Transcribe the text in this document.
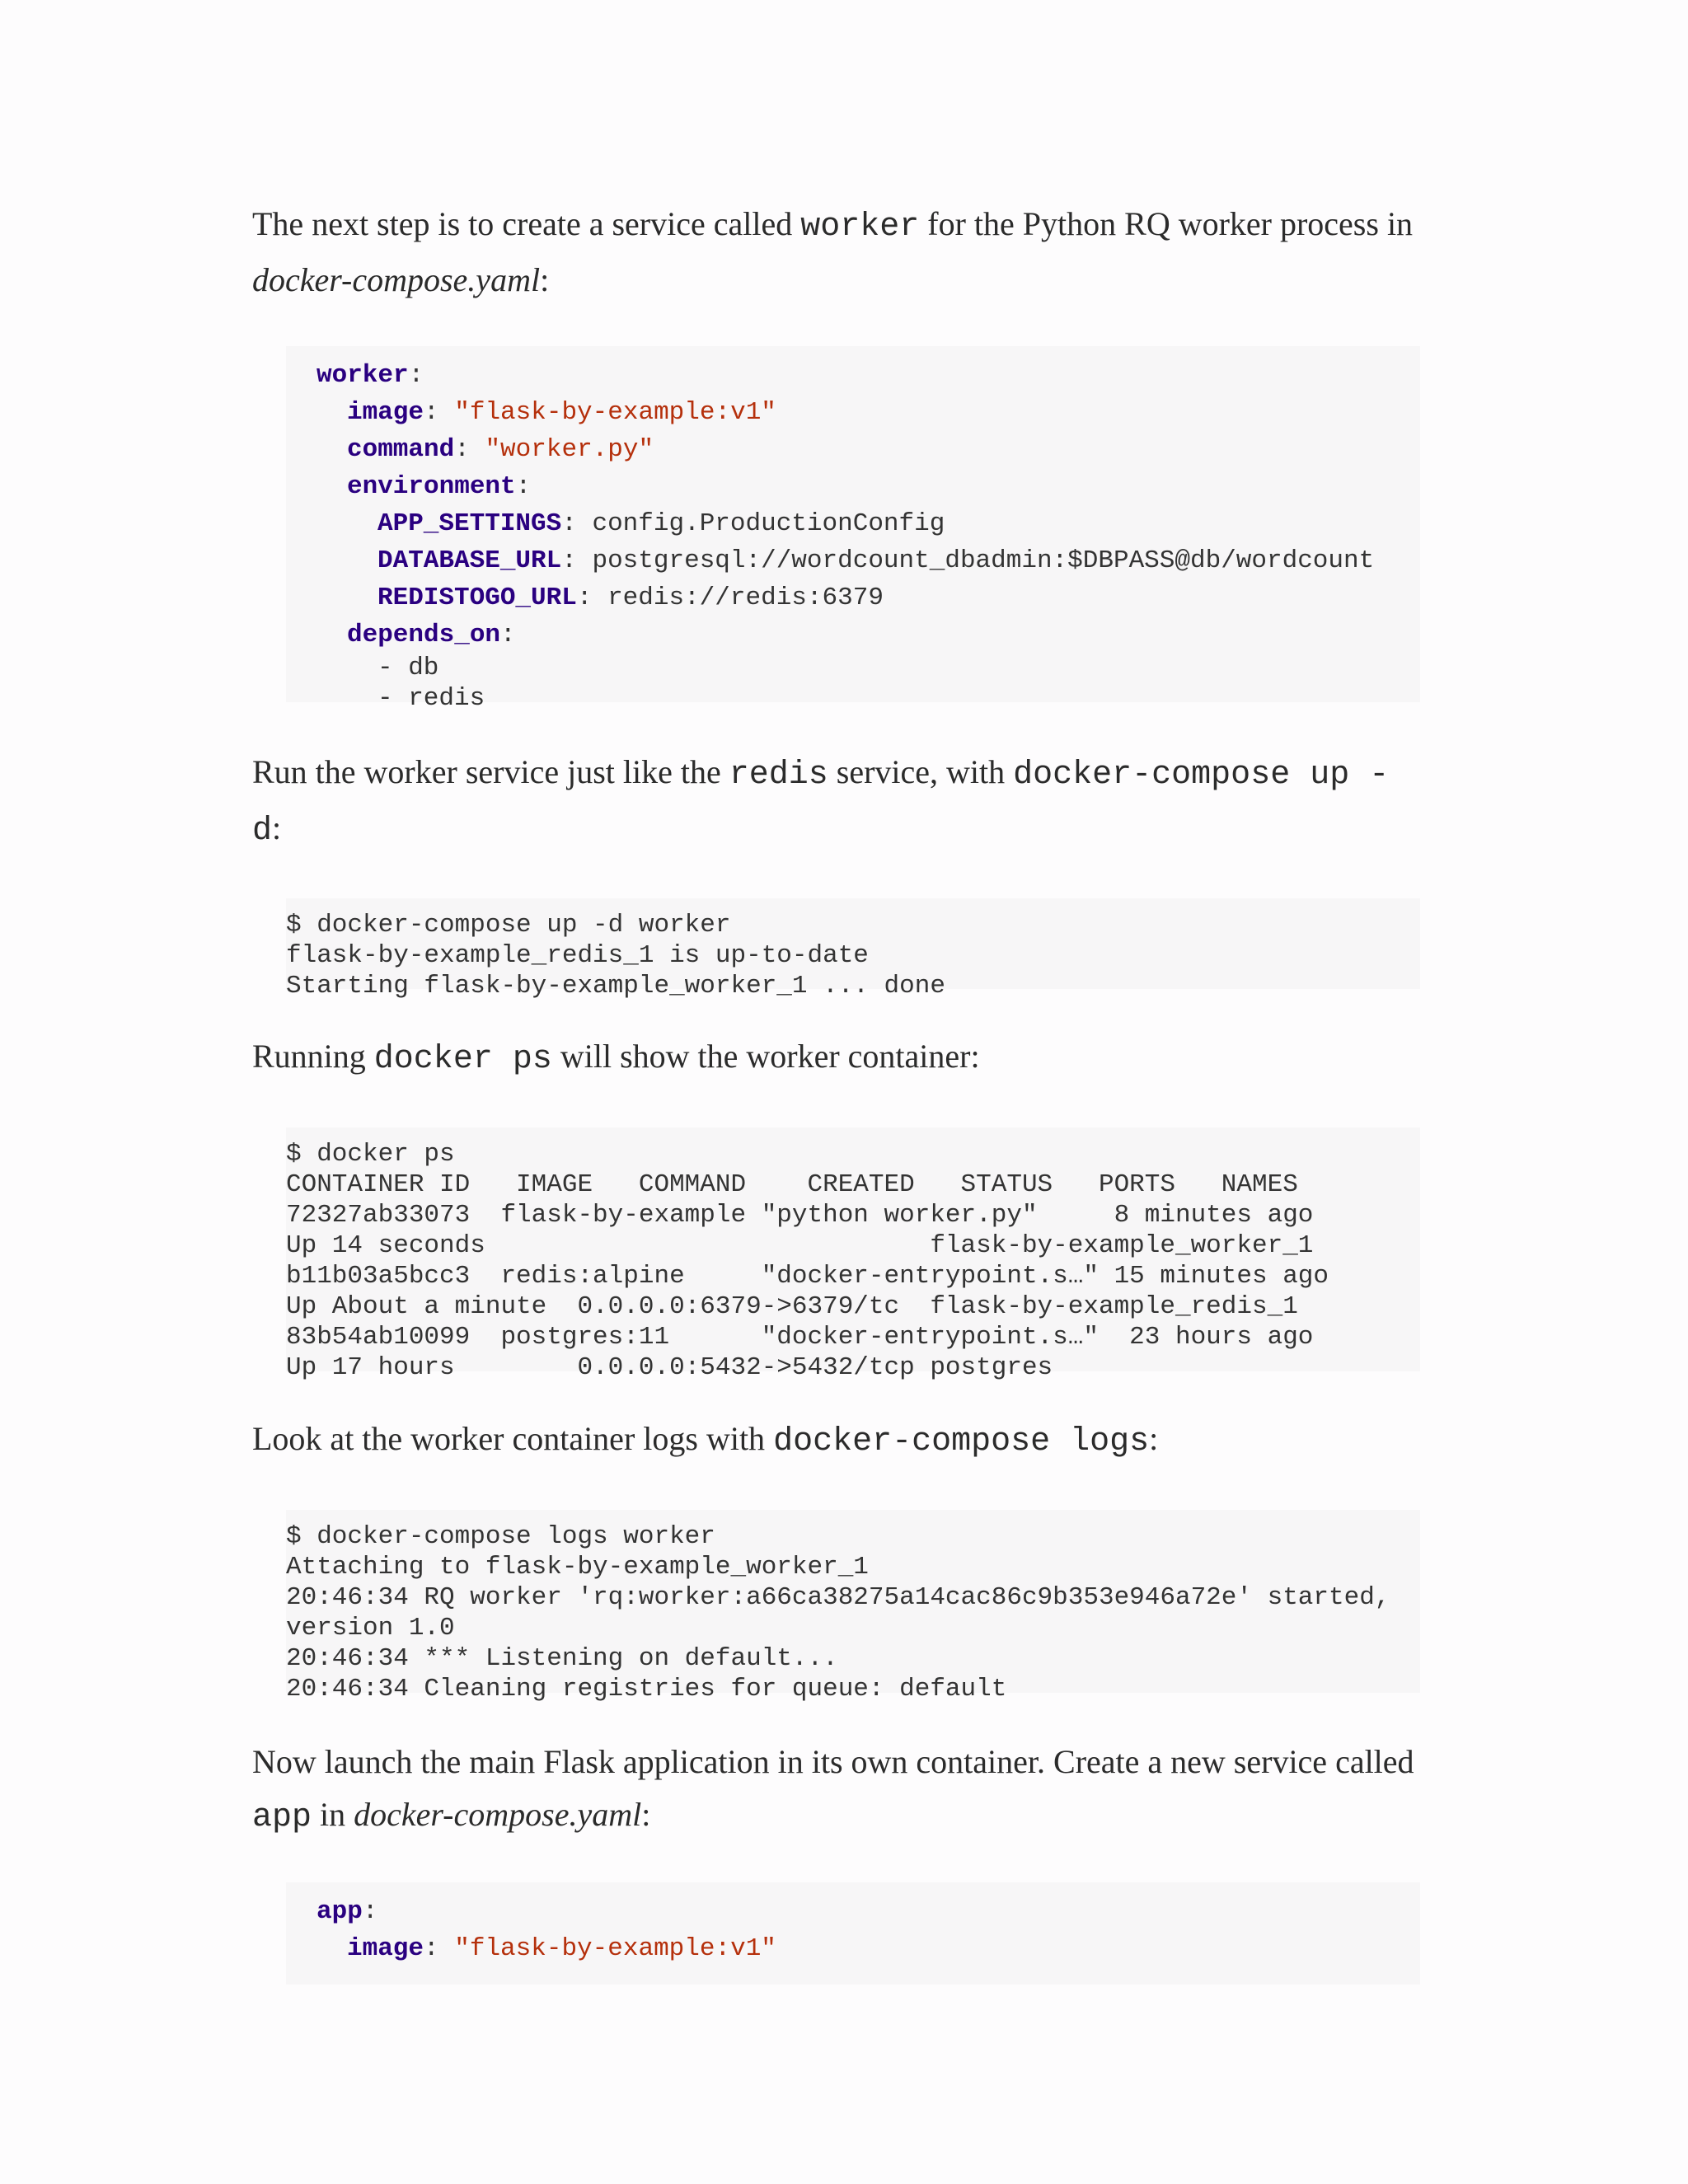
The next step is to create a service called worker for the Python RQ worker process in docker-compose.yaml:

worker:
image: "flask-by-example:v1"
command: "worker.py"
environment:
APP_SETTINGS: config.ProductionConfig
DATABASE_URL: postgresql://wordcount_dbadmin:$DBPASS@db/wordcount
REDISTOGO_URL: redis://redis:6379
depends_on:
- db
- redis

Run the worker service just like the redis service, with docker-compose up -
d:

$ docker-compose up -d worker
flask-by-example_redis_1 is up-to-date
Starting flask-by-example_worker_1 ... done

Running docker ps will show the worker container:

$ docker ps
CONTAINER ID   IMAGE   COMMAND    CREATED   STATUS   PORTS   NAMES
72327ab33073  flask-by-example "python worker.py"     8 minutes ago
Up 14 seconds                             flask-by-example_worker_1
b11b03a5bcc3  redis:alpine     "docker-entrypoint.s…" 15 minutes ago
Up About a minute  0.0.0.0:6379->6379/tc  flask-by-example_redis_1
83b54ab10099  postgres:11      "docker-entrypoint.s…"  23 hours ago
Up 17 hours        0.0.0.0:5432->5432/tcp postgres

Look at the worker container logs with docker-compose logs:

$ docker-compose logs worker
Attaching to flask-by-example_worker_1
20:46:34 RQ worker 'rq:worker:a66ca38275a14cac86c9b353e946a72e' started,
version 1.0
20:46:34 *** Listening on default...
20:46:34 Cleaning registries for queue: default

Now launch the main Flask application in its own container. Create a new service called app in docker-compose.yaml:

app:
image: "flask-by-example:v1"
